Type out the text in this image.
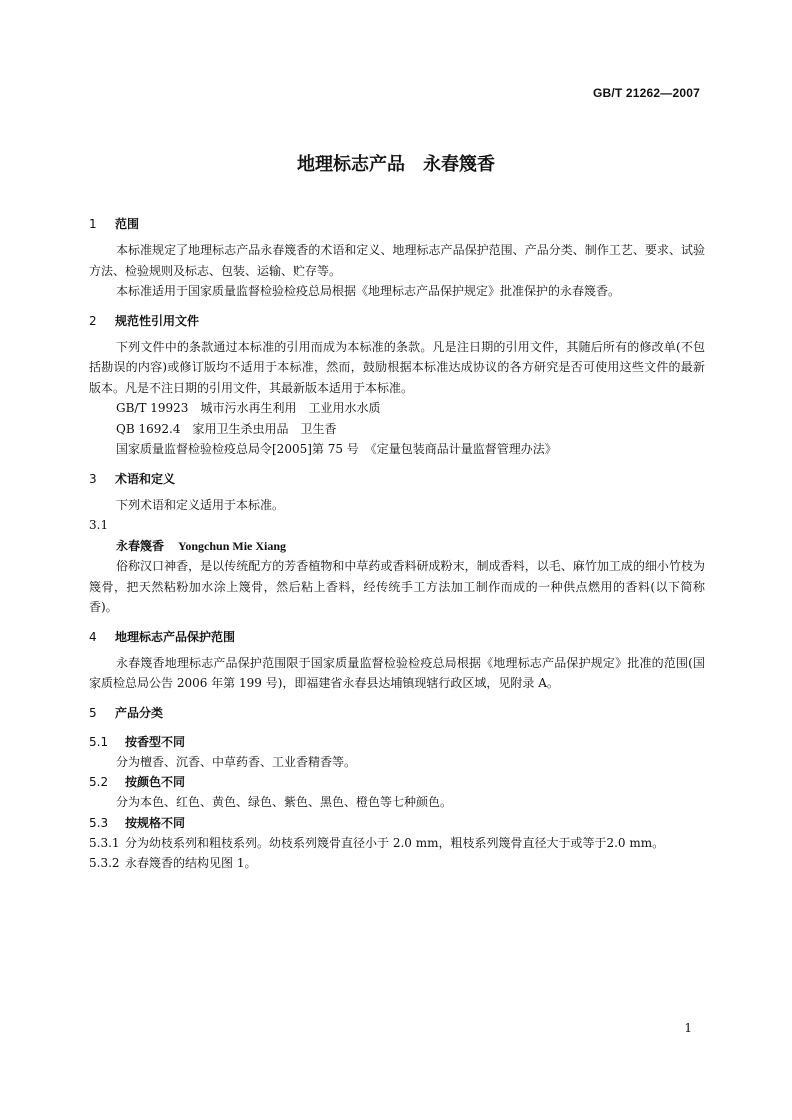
GB/T 21262—2007
地理标志产品　永春篾香
1 范围
本标准规定了地理标志产品永春篾香的术语和定义、地理标志产品保护范围、产品分类、制作工艺、要求、试验方法、检验规则及标志、包装、运输、贮存等。
本标准适用于国家质量监督检验检疫总局根据《地理标志产品保护规定》批准保护的永春篾香。
2 规范性引用文件
下列文件中的条款通过本标准的引用而成为本标准的条款。凡是注日期的引用文件，其随后所有的修改单(不包括勘误的内容)或修订版均不适用于本标准，然而，鼓励根据本标准达成协议的各方研究是否可使用这些文件的最新版本。凡是不注日期的引用文件，其最新版本适用于本标准。
GB/T 19923　城市污水再生利用　工业用水水质
QB 1692.4　家用卫生杀虫用品　卫生香
国家质量监督检验检疫总局令[2005]第 75 号　《定量包装商品计量监督管理办法》
3 术语和定义
下列术语和定义适用于本标准。
3.1
永春篾香 Yongchun Mie Xiang
俗称汉口神香，是以传统配方的芳香植物和中草药或香料研成粉末，制成香料，以毛、麻竹加工成的细小竹枝为篾骨，把天然粘粉加水涂上篾骨，然后粘上香料，经传统手工方法加工制作而成的一种供点燃用的香料(以下简称香)。
4 地理标志产品保护范围
永春篾香地理标志产品保护范围限于国家质量监督检验检疫总局根据《地理标志产品保护规定》批准的范围(国家质检总局公告 2006 年第 199 号)，即福建省永春县达埔镇现辖行政区域，见附录 A。
5 产品分类
5.1 按香型不同
分为檀香、沉香、中草药香、工业香精香等。
5.2 按颜色不同
分为本色、红色、黄色、绿色、紫色、黑色、橙色等七种颜色。
5.3 按规格不同
5.3.1 分为幼枝系列和粗枝系列。幼枝系列篾骨直径小于 2.0 mm，粗枝系列篾骨直径大于或等于2.0 mm。
5.3.2 永春篾香的结构见图 1。
1
